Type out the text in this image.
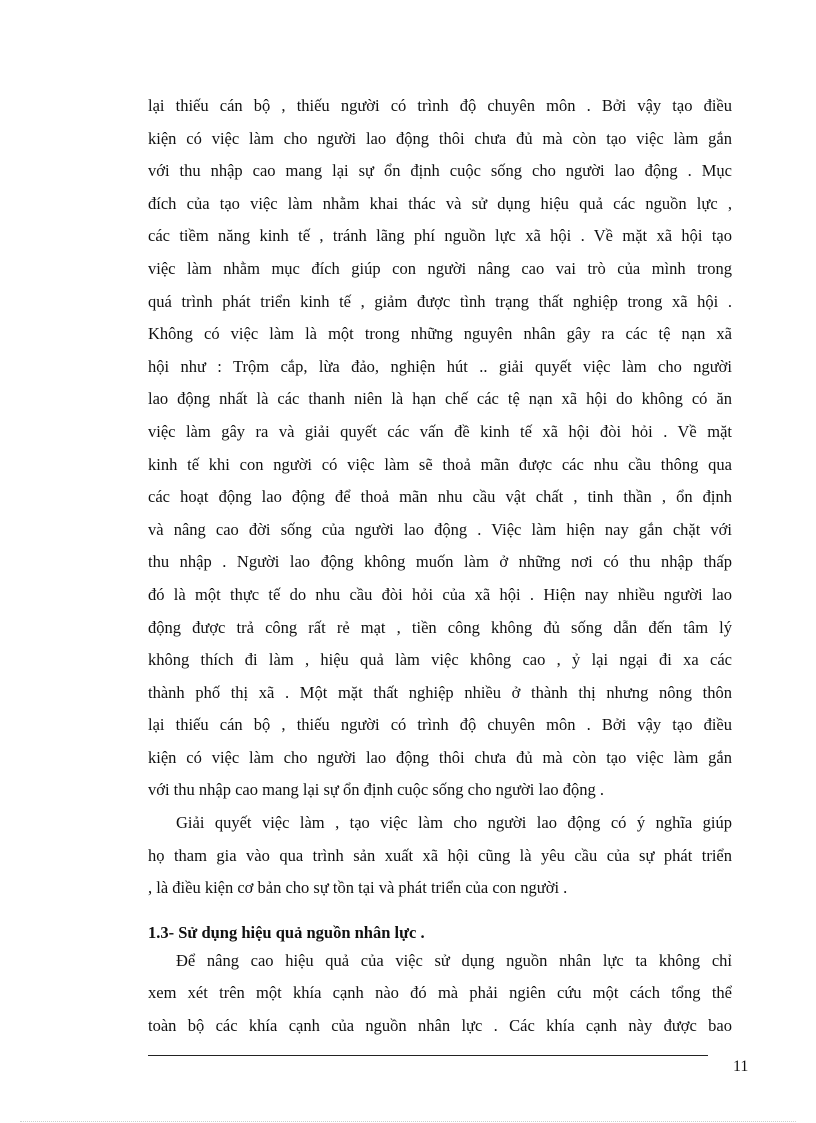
lại thiếu cán bộ , thiếu người có trình độ chuyên môn . Bởi vậy tạo điều
kiện có việc làm cho người lao động thôi chưa đủ mà còn tạo việc làm gắn
với thu nhập cao mang lại sự ổn định cuộc sống cho người lao động . Mục
đích của tạo việc làm nhằm khai thác và sử dụng hiệu quả các nguồn lực ,
các tiềm năng kinh tế , tránh lãng phí nguồn lực xã hội . Về mặt xã hội tạo
việc làm nhằm mục đích giúp con người nâng cao vai trò của mình trong
quá trình phát triển kinh tế , giảm được tình trạng thất nghiệp trong xã hội .
Không có việc làm là một trong những nguyên nhân gây ra các tệ nạn xã
hội như : Trộm cắp, lừa đảo, nghiện hút .. giải quyết việc làm cho người
lao động nhất là các thanh niên là hạn chế các tệ nạn xã hội do không có ăn
việc làm gây ra và giải quyết các vấn đề kinh tế xã hội đòi hỏi . Về mặt
kinh tế khi con người có việc làm sẽ thoả mãn được các nhu cầu thông qua
các hoạt động lao động để thoả mãn nhu cầu vật chất , tinh thần , ổn định
và nâng cao đời sống của người lao động . Việc làm hiện nay gắn chặt với
thu nhập . Người lao động không muốn làm ở những nơi có thu nhập thấp
đó là một thực tế do nhu cầu đòi hỏi của xã hội . Hiện nay nhiều người lao
động được trả công rất rẻ mạt , tiền công không đủ sống dẫn đến tâm lý
không thích đi làm , hiệu quả làm việc không cao , ỷ lại ngại đi xa các
thành phố thị xã . Một mặt thất nghiệp nhiều ở thành thị nhưng nông thôn
lại thiếu cán bộ , thiếu người có trình độ chuyên môn . Bởi vậy tạo điều
kiện có việc làm cho người lao động thôi chưa đủ mà còn tạo việc làm gắn
với thu nhập cao mang lại sự ổn định cuộc sống cho người lao động .
Giải quyết việc làm , tạo việc làm cho người lao động có ý nghĩa giúp
họ tham gia vào qua trình sản xuất xã hội cũng là yêu cầu của sự phát triển
, là điều kiện cơ bản cho sự tồn tại và phát triển của con người .
1.3- Sử dụng hiệu quả nguồn nhân lực .
Để nâng cao hiệu quả của việc sử dụng nguồn nhân lực ta không chỉ
xem xét trên một khía cạnh nào đó mà phải ngiên cứu một cách tổng thể
toàn bộ các khía cạnh của nguồn nhân lực . Các khía cạnh này được bao
11
